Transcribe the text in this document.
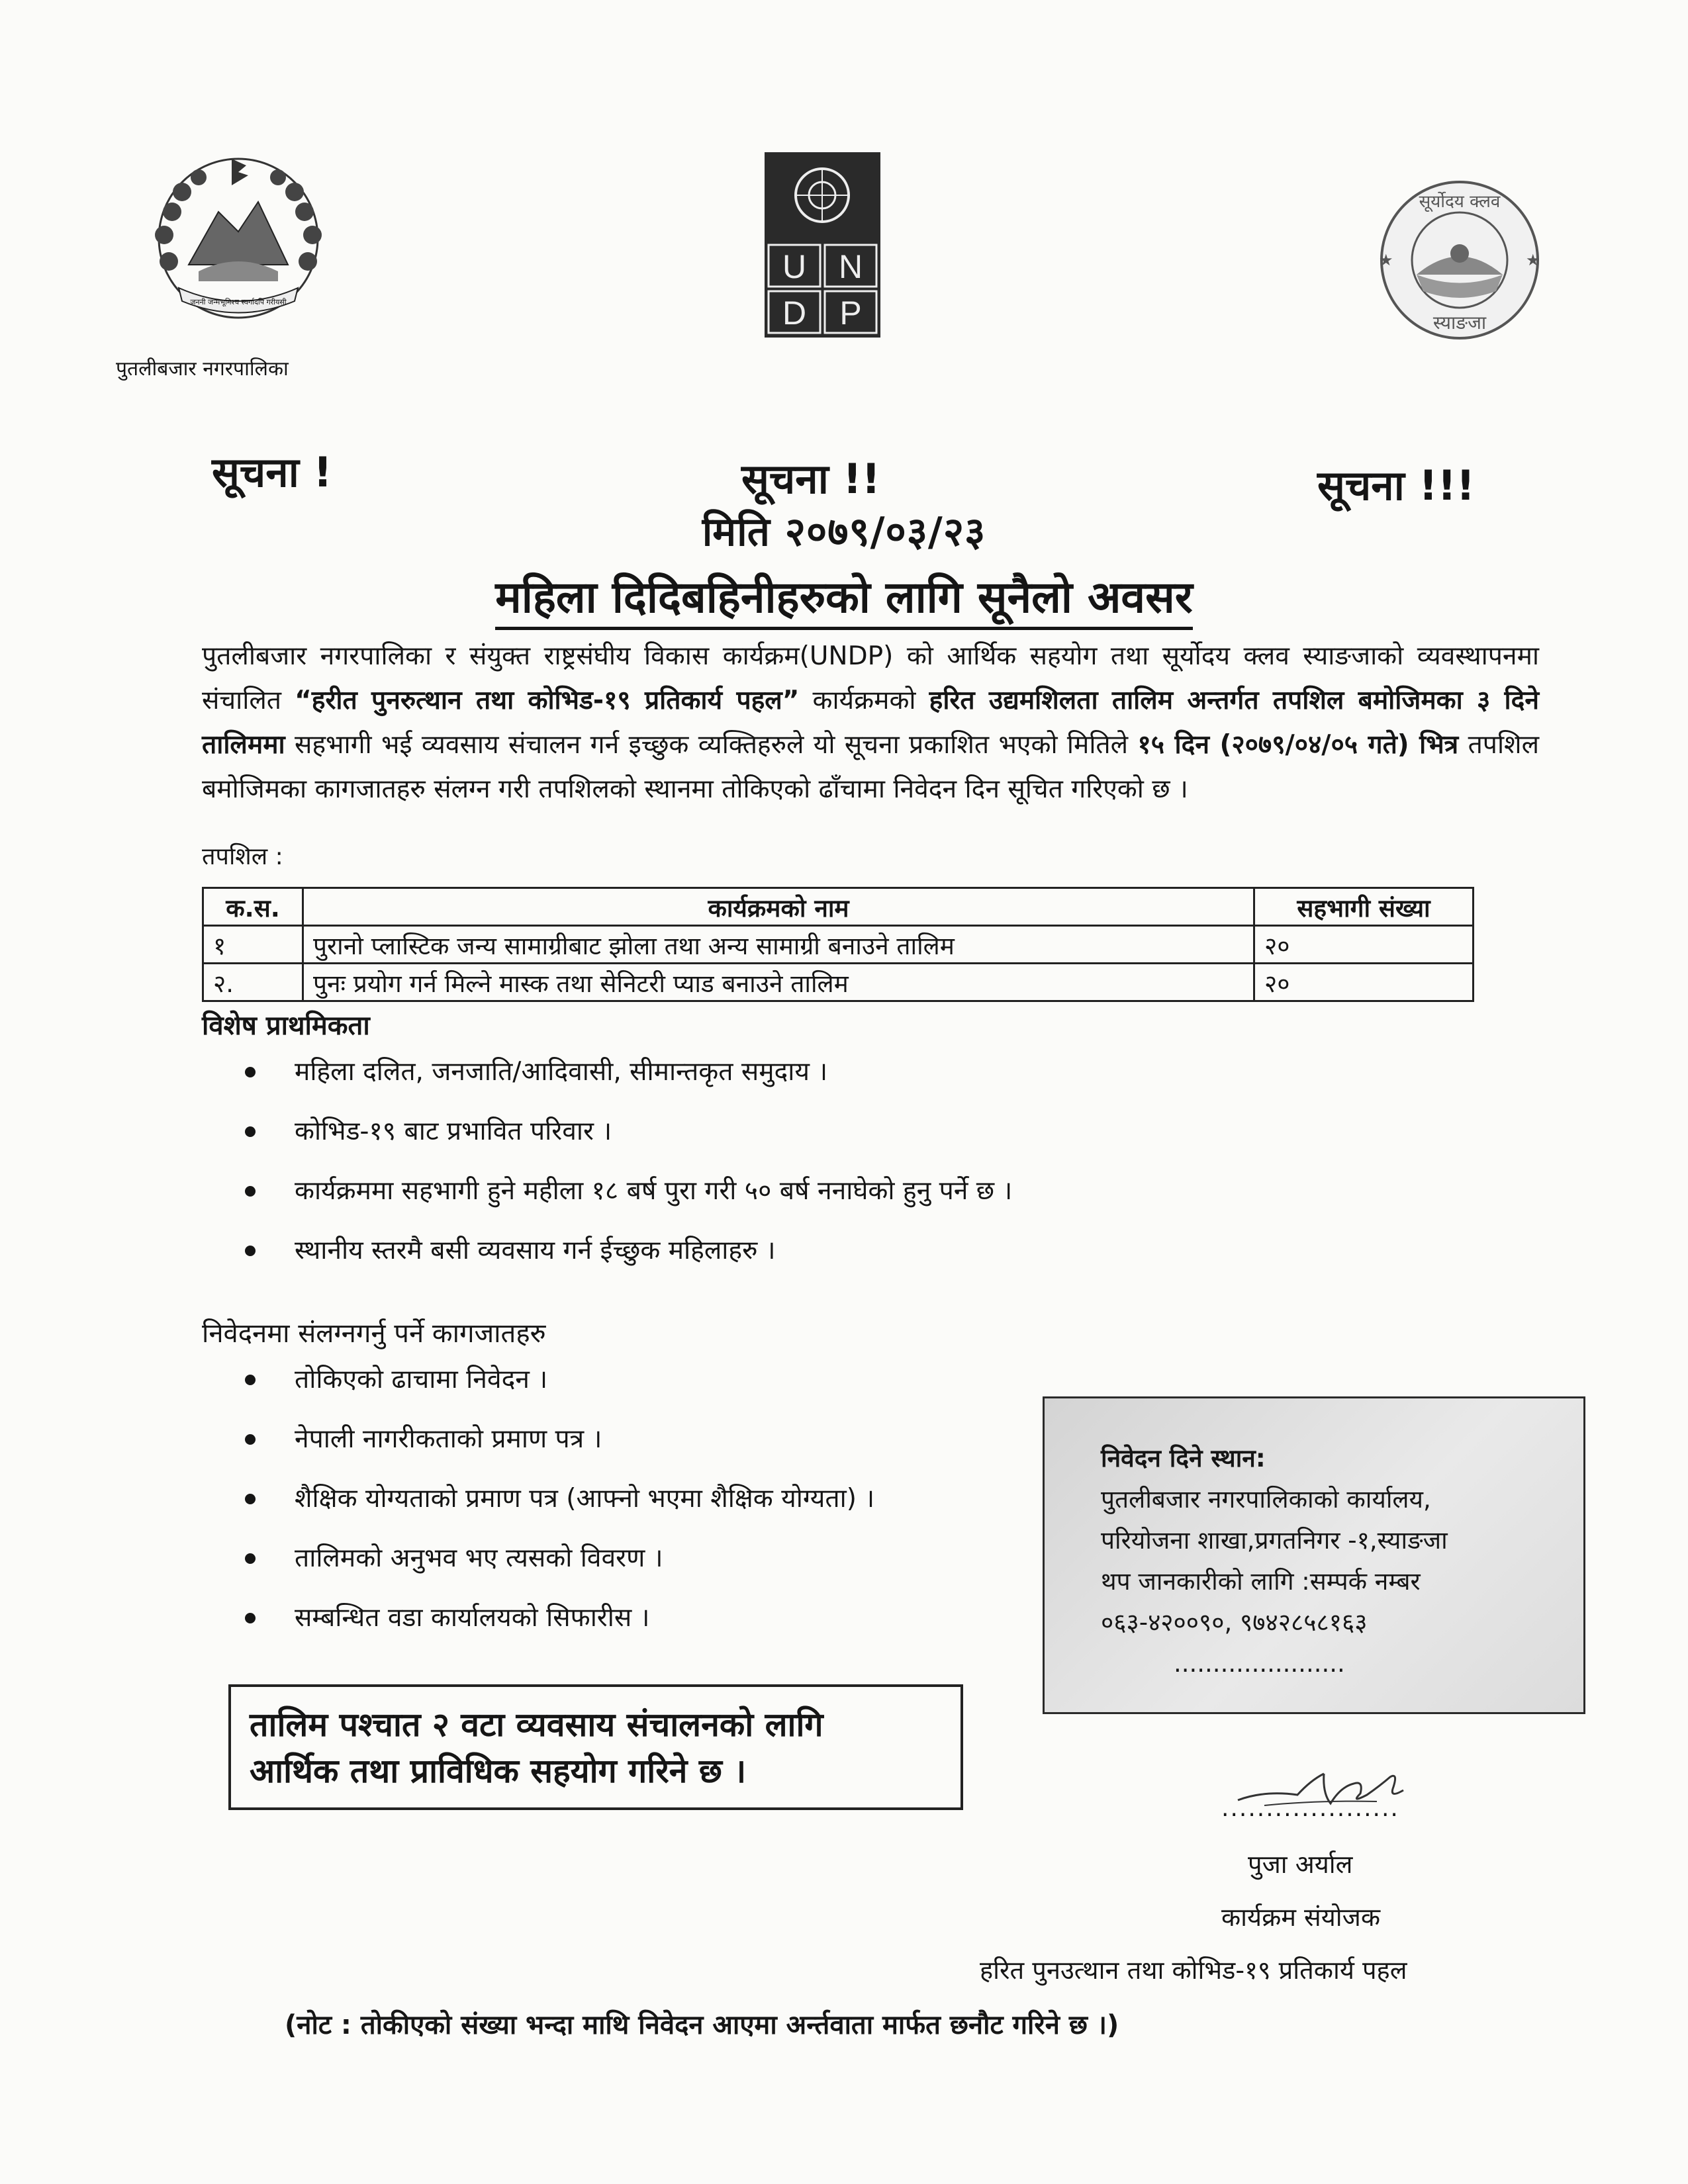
जननी जन्मभूमिश्च स्वर्गादपि गरीयसी
पुतलीबजार नगरपालिका
U N
D P
सूर्योदय क्लव
स्याङजा
★	★
सूचना !	सूचना !!	सूचना !!!
मिति २०७९/०३/२३
महिला दिदिबहिनीहरुको लागि सूनैलो अवसर
पुतलीबजार नगरपालिका र संयुक्त राष्ट्रसंघीय विकास कार्यक्रम(UNDP) को आर्थिक सहयोग तथा सूर्योदय क्लव स्याङजाको व्यवस्थापनमा संचालित “हरीत पुनरुत्थान तथा कोभिड-१९ प्रतिकार्य पहल” कार्यक्रमको हरित उद्यमशिलता तालिम अन्तर्गत तपशिल बमोजिमका ३ दिने तालिममा सहभागी भई व्यवसाय संचालन गर्न इच्छुक व्यक्तिहरुले यो सूचना प्रकाशित भएको मितिले १५ दिन (२०७९/०४/०५ गते) भित्र तपशिल बमोजिमका कागजातहरु संलग्न गरी तपशिलको स्थानमा तोकिएको ढाँचामा निवेदन दिन सूचित गरिएको छ ।
तपशिल :
क.स.	कार्यक्रमको नाम	सहभागी संख्या
१	पुरानो प्लास्टिक जन्य सामाग्रीबाट झोला तथा अन्य सामाग्री बनाउने तालिम	२०
२.	पुनः प्रयोग गर्न मिल्ने मास्क तथा सेनिटरी प्याड बनाउने तालिम	२०
विशेष प्राथमिकता
महिला दलित, जनजाति/आदिवासी, सीमान्तकृत समुदाय ।
कोभिड-१९ बाट प्रभावित परिवार ।
कार्यक्रममा सहभागी हुने महीला १८ बर्ष पुरा गरी ५० बर्ष ननाघेको हुनु पर्ने छ ।
स्थानीय स्तरमै बसी व्यवसाय गर्न ईच्छुक महिलाहरु ।
निवेदनमा संलग्नगर्नु पर्ने कागजातहरु
तोकिएको ढाचामा निवेदन ।
नेपाली नागरीकताको प्रमाण पत्र ।
शैक्षिक योग्यताको प्रमाण पत्र (आफ्नो भएमा शैक्षिक योग्यता) ।
तालिमको अनुभव भए त्यसको विवरण ।
सम्बन्धित वडा कार्यालयको सिफारीस ।
निवेदन दिने स्थान:
पुतलीबजार नगरपालिकाको कार्यालय,
परियोजना शाखा,प्रगतनिगर -१,स्याङजा
थप जानकारीको लागि :सम्पर्क नम्बर
०६३-४२००९०, ९७४२८५८१६३
......................
तालिम पश्चात २ वटा व्यवसाय संचालनको लागि
आर्थिक तथा प्राविधिक सहयोग गरिने छ ।
....................
पुजा अर्याल
कार्यक्रम संयोजक
हरित पुनउत्थान तथा कोभिड-१९ प्रतिकार्य पहल
(नोट : तोकीएको संख्या भन्दा माथि निवेदन आएमा अर्न्तवाता मार्फत छनौट गरिने छ ।)
